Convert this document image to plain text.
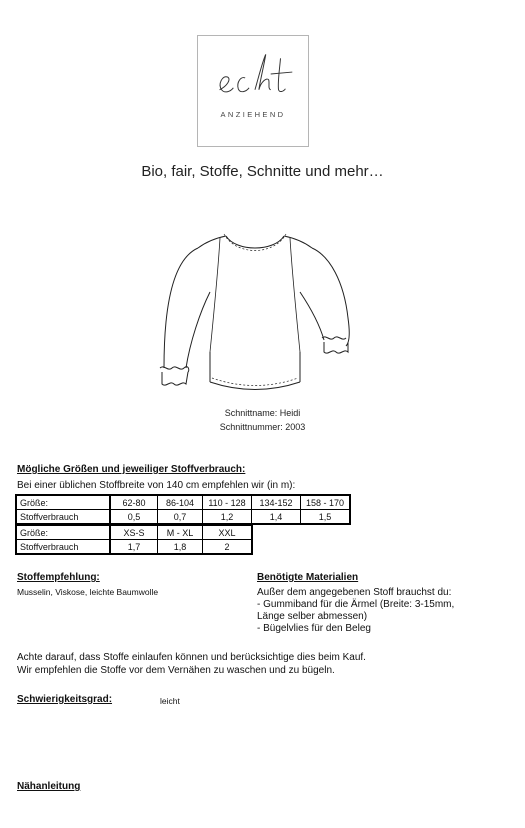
ANZIEHEND
Bio, fair, Stoffe, Schnitte und mehr…
Schnittname: Heidi
Schnittnummer: 2003
Mögliche Größen und jeweiliger Stoffverbrauch:
Bei einer üblichen Stoffbreite von 140 cm empfehlen wir (in m):
Größe:	62-80	86-104	110 - 128	134-152	158 - 170
Stoffverbrauch	0,5	0,7	1,2	1,4	1,5
Größe:	XS-S	M - XL	XXL
Stoffverbrauch	1,7	1,8	2
Stoffempfehlung:
Musselin, Viskose, leichte Baumwolle
Benötigte Materialien
Außer dem angegebenen Stoff brauchst du:
- Gummiband für die Ärmel (Breite: 3-15mm,
Länge selber abmessen)
- Bügelvlies für den Beleg
Achte darauf, dass Stoffe einlaufen können und berücksichtige dies beim Kauf.
Wir empfehlen die Stoffe vor dem Vernähen zu waschen und zu bügeln.
Schwierigkeitsgrad:	leicht
Nähanleitung
